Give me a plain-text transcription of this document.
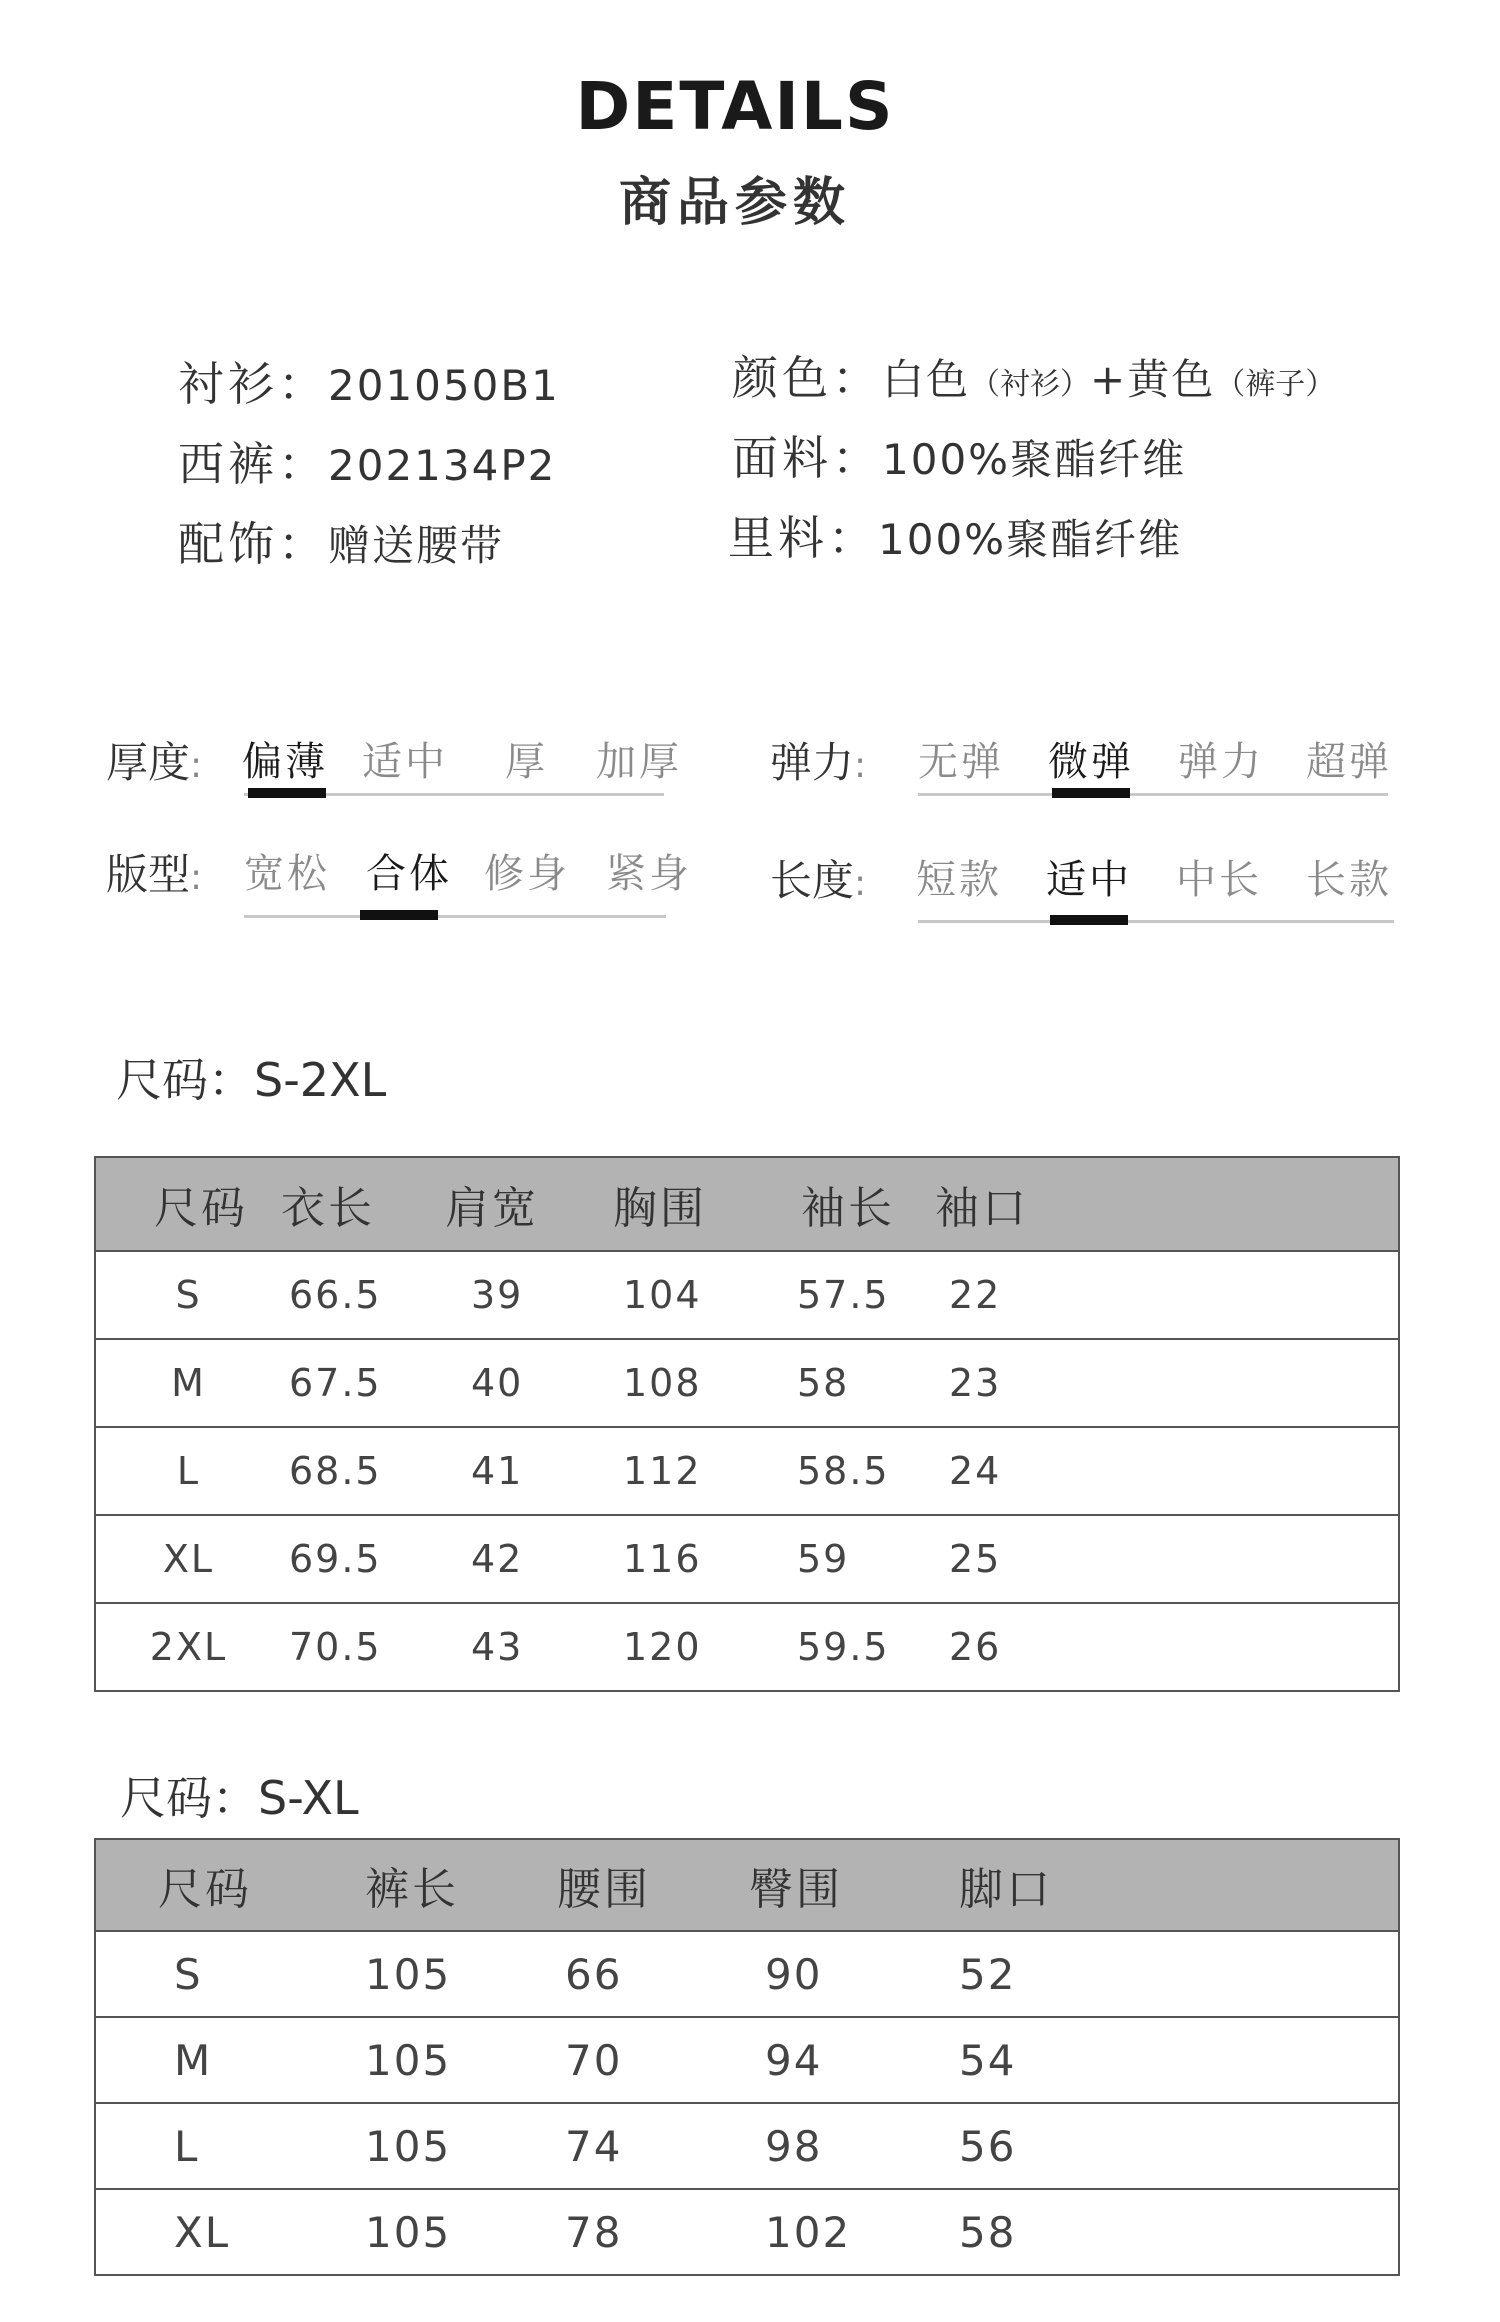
DETAILS
商品参数
衬衫：201050B1
西裤：202134P2
配饰：赠送腰带
颜色：白色（衬衫）+黄色（裤子）
面料：100%聚酯纤维
里料：100%聚酯纤维
厚度: 偏薄 适中 厚 加厚 弹力: 无弹 微弹 弹力 超弹
版型: 宽松 合体 修身 紧身 长度: 短款 适中 中长 长款
尺码：S-2XL
尺码	衣长	肩宽	胸围	袖长	袖口
S	66.5	39	104	57.5	22
M	67.5	40	108	58	23
L	68.5	41	112	58.5	24
XL	69.5	42	116	59	25
2XL	70.5	43	120	59.5	26
尺码：S-XL
尺码	裤长	腰围	臀围	脚口
S	105	66	90	52
M	105	70	94	54
L	105	74	98	56
XL	105	78	102	58
